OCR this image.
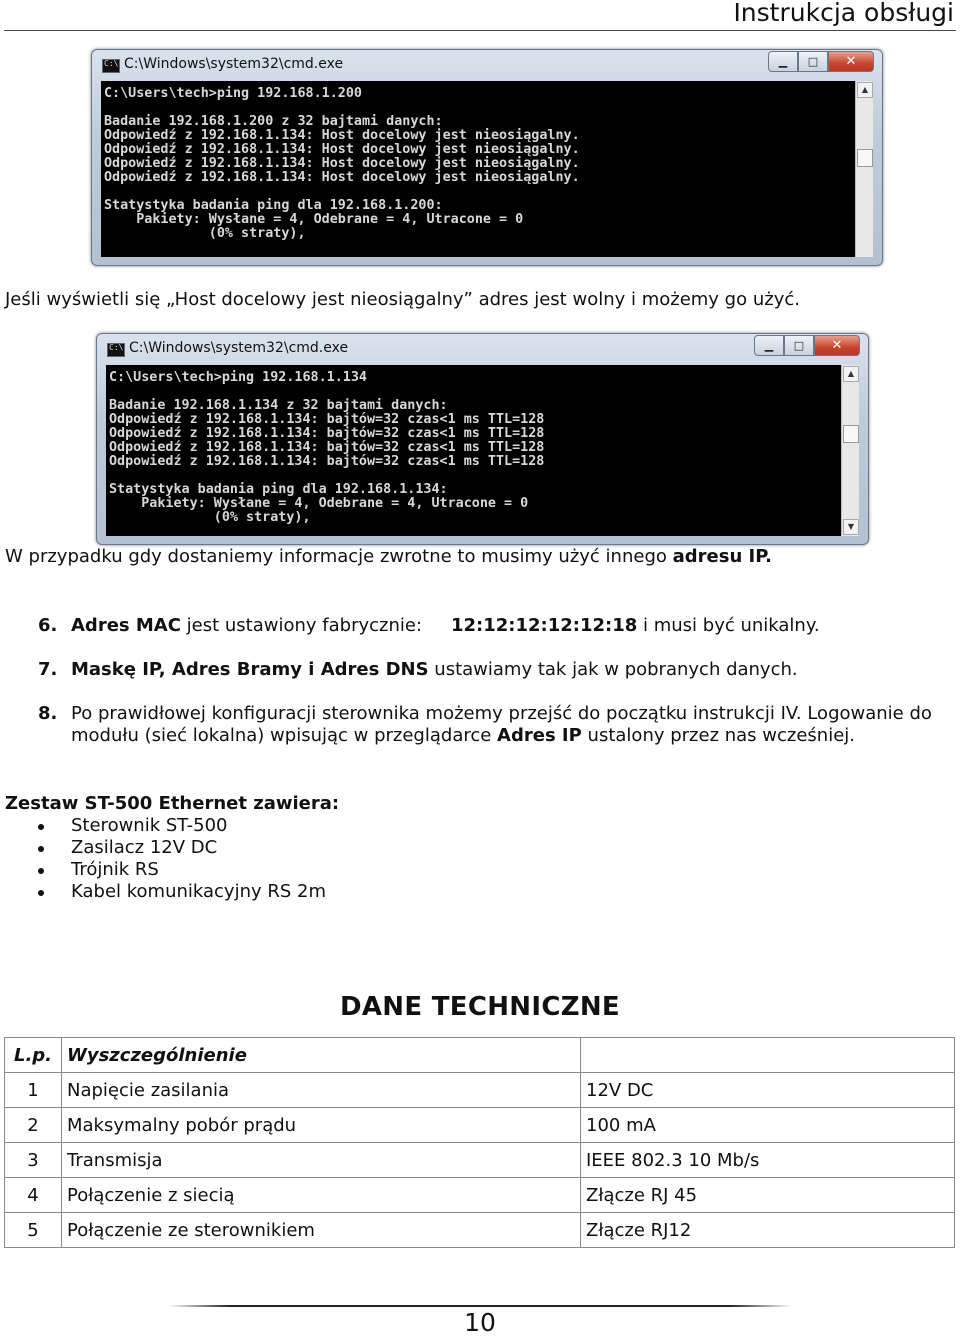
Instrukcja obsługi
C:\
C:\Windows\system32\cmd.exe	▁	□	✕
C:\Users\tech>ping 192.168.1.200

Badanie 192.168.1.200 z 32 bajtami danych:
Odpowiedź z 192.168.1.134: Host docelowy jest nieosiągalny.
Odpowiedź z 192.168.1.134: Host docelowy jest nieosiągalny.
Odpowiedź z 192.168.1.134: Host docelowy jest nieosiągalny.
Odpowiedź z 192.168.1.134: Host docelowy jest nieosiągalny.

Statystyka badania ping dla 192.168.1.200:
Pakiety: Wysłane = 4, Odebrane = 4, Utracone = 0
(0% straty),
▲
Jeśli wyświetli się „Host docelowy jest nieosiągalny” adres jest wolny i możemy go użyć.
C:\
C:\Windows\system32\cmd.exe	▁	□	✕
C:\Users\tech>ping 192.168.1.134

Badanie 192.168.1.134 z 32 bajtami danych:
Odpowiedź z 192.168.1.134: bajtów=32 czas<1 ms TTL=128
Odpowiedź z 192.168.1.134: bajtów=32 czas<1 ms TTL=128
Odpowiedź z 192.168.1.134: bajtów=32 czas<1 ms TTL=128
Odpowiedź z 192.168.1.134: bajtów=32 czas<1 ms TTL=128

Statystyka badania ping dla 192.168.1.134:
Pakiety: Wysłane = 4, Odebrane = 4, Utracone = 0
(0% straty),
▲
▼
W przypadku gdy dostaniemy informacje zwrotne to musimy użyć innego adresu IP.
6. Adres MAC jest ustawiony fabrycznie: 12:12:12:12:12:18 i musi być unikalny.
7. Maskę IP, Adres Bramy i Adres DNS ustawiamy tak jak w pobranych danych.
8. Po prawidłowej konfiguracji sterownika możemy przejść do początku instrukcji IV. Logowanie do
modułu (sieć lokalna) wpisując w przeglądarce Adres IP ustalony przez nas wcześniej.
Zestaw ST-500 Ethernet zawiera:
Sterownik ST-500
Zasilacz 12V DC
Trójnik RS
Kabel komunikacyjny RS 2m
DANE TECHNICZNE
L.p.	Wyszczególnienie	
1	Napięcie zasilania	12V DC
2	Maksymalny pobór prądu	100 mA
3	Transmisja	IEEE 802.3 10 Mb/s
4	Połączenie z siecią	Złącze RJ 45
5	Połączenie ze sterownikiem	Złącze RJ12
10
